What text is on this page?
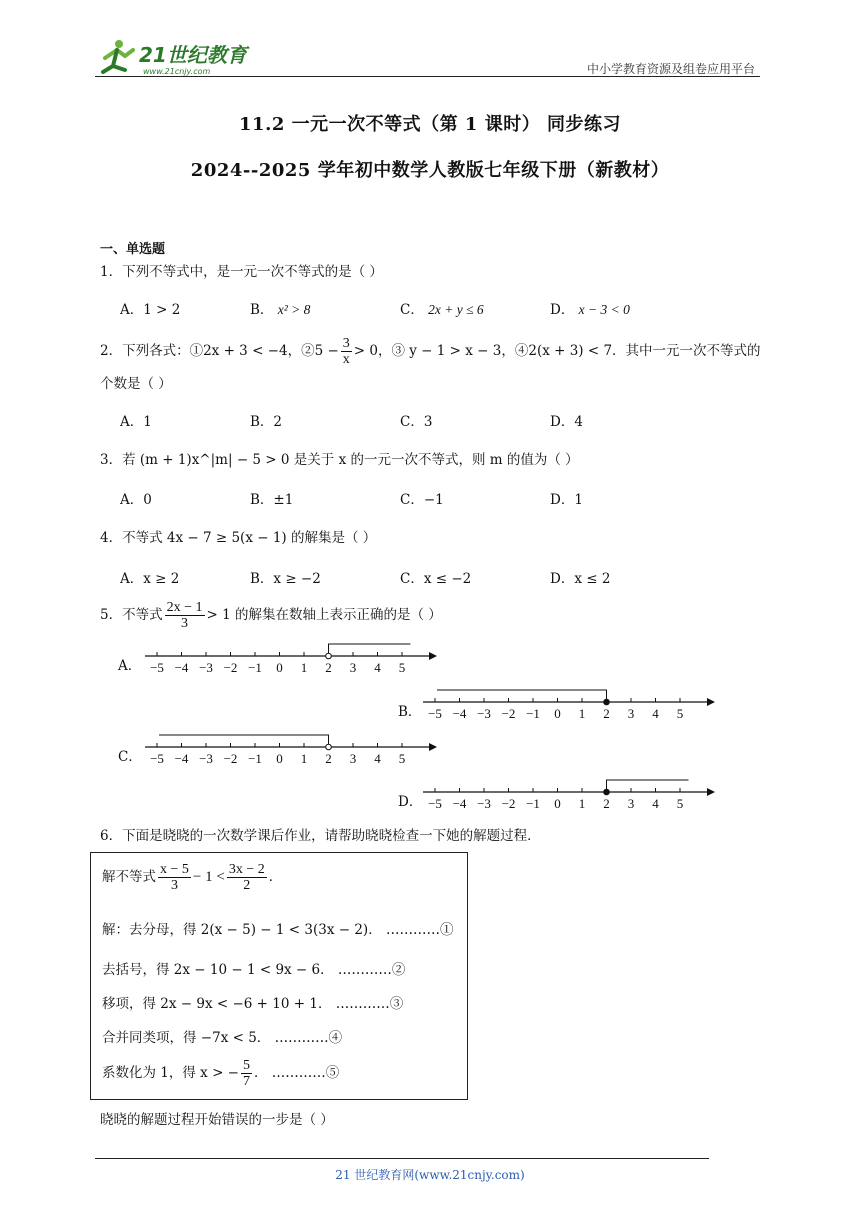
21世纪教育
www.21cnjy.com	中小学教育资源及组卷应用平台
11.2 一元一次不等式（第 1 课时） 同步练习
2024--2025 学年初中数学人教版七年级下册（新教材）
一、单选题
1．下列不等式中，是一元一次不等式的是（ ）
A．1 > 2	B． x² > 8	C． 2x + y ≤ 6	D． x − 3 < 0
2．下列各式：①2x + 3 < −4，②5 − $\frac{3}{x} > 0$，③ y − 1 > x − 3，④2(x + 3) < 7．其中一元一次不等式的
个数是（ ）
A．1	B．2	C．3	D．4
3．若 (m + 1)x^|m| − 5 > 0 是关于 x 的一元一次不等式，则 m 的值为（ ）
A．0	B．±1	C．−1	D．1
4．不等式 4x − 7 ≥ 5(x − 1) 的解集是（ ）
A．x ≥ 2	B．x ≥ −2	C．x ≤ −2	D．x ≤ 2
5．不等式 $\frac{2x - 1}{3} > 1$ 的解集在数轴上表示正确的是（ ）
A． −5 −4 −3 −2 −1 0 1 2 3 4 5
B． −5 −4 −3 −2 −1 0 1 2 3 4 5
C． −5 −4 −3 −2 −1 0 1 2 3 4 5
D． −5 −4 −3 −2 −1 0 1 2 3 4 5
6．下面是晓晓的一次数学课后作业，请帮助晓晓检查一下她的解题过程．
解不等式 $\frac{x - 5}{3} - 1 < \frac{3x - 2}{2}$ ．
解：去分母，得 2(x − 5) − 1 < 3(3x − 2)． …………①
去括号，得 2x − 10 − 1 < 9x − 6． …………②
移项，得 2x − 9x < −6 + 10 + 1． …………③
合并同类项，得 −7x < 5． …………④
系数化为 1，得 x > − $\frac{5}{7}$ ． …………⑤
晓晓的解题过程开始错误的一步是（ ）
21 世纪教育网(www.21cnjy.com)
